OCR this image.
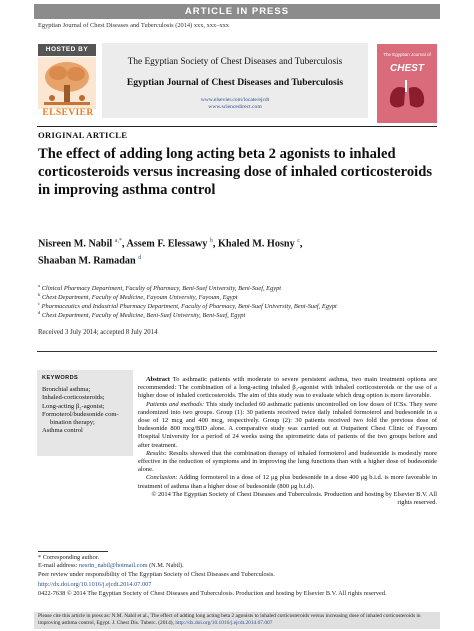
ARTICLE IN PRESS
Egyptian Journal of Chest Diseases and Tuberculosis (2014) xxx, xxx–xxx
HOSTED BY
ELSEVIER
The Egyptian Society of Chest Diseases and Tuberculosis
Egyptian Journal of Chest Diseases and Tuberculosis
www.elsevier.com/locate/ejcdt
www.sciencedirect.com
The Egyptian Journal of
CHEST
ORIGINAL ARTICLE
The effect of adding long acting beta 2 agonists to inhaled corticosteroids versus increasing dose of inhaled corticosteroids in improving asthma control
Nisreen M. Nabil $^{a,*}$, Assem F. Elessawy $^b$, Khaled M. Hosny $^c$,
Shaaban M. Ramadan $^d$
$^a$ Clinical Pharmacy Department, Faculty of Pharmacy, Beni-Suef University, Beni-Suef, Egypt
$^b$ Chest Department, Faculty of Medicine, Fayoum University, Fayoum, Egypt
$^c$ Pharmaceutics and Industrial Pharmacy Department, Faculty of Pharmacy, Beni-Suef University, Beni-Suef, Egypt
$^d$ Chest Department, Faculty of Medicine, Beni-Suef University, Beni-Suef, Egypt
Received 3 July 2014; accepted 8 July 2014
KEYWORDS
Bronchial asthma;
Inhaled-corticosteroids;
Long-acting β₂-agonist;
Formoterol/budesonide com-
bination therapy;
Asthma control

Abstract To asthmatic patients with moderate to severe persistent asthma, two main treatment options are recommended: The combination of a long-acting inhaled β₂-agonist with inhaled corticosteroids or the use of a higher dose of inhaled corticosteroids. The aim of this study was to evaluate which drug option is more favorable.

Patients and methods: This study included 60 asthmatic patients uncontrolled on low doses of ICSs. They were randomized into two groups. Group (1): 30 patients received twice daily inhaled formoterol and budesonide in a dose of 12 mcg and 400 mcg, respectively. Group (2): 30 patients received two fold the previous dose of budesonide 800 mcg/BID alone. A comparative study was carried out at Outpatient Chest Clinic of Fayoum Hospital University for a period of 24 weeks using the spirometric data of patients of the two groups before and after treatment.

Results: Results showed that the combination therapy of inhaled formoterol and budesonide is modestly more effective in the reduction of symptoms and in improving the lung functions than with a higher dose of budesonide alone.

Conclusion: Adding formoterol in a dose of 12 μg plus budesonide in a dose 400 μg b.i.d. is more favorable in treatment of asthma than a higher dose of budesonide (800 μg b.i.d).

© 2014 The Egyptian Society of Chest Diseases and Tuberculosis. Production and hosting by Elsevier B.V. All rights reserved.

* Corresponding author.
E-mail address: nesrin_nabil@hotmail.com (N.M. Nabil).
Peer review under responsibility of The Egyptian Society of Chest Diseases and Tuberculosis.
http://dx.doi.org/10.1016/j.ejcdt.2014.07.007
0422-7638 © 2014 The Egyptian Society of Chest Diseases and Tuberculosis. Production and hosting by Elsevier B.V. All rights reserved.
Please cite this article in press as: N.M. Nabil et al., The effect of adding long acting beta 2 agonists to inhaled corticosteroids versus increasing dose of inhaled corticosteroids in improving asthma control, Egypt. J. Chest Dis. Tuberc. (2014), http://dx.doi.org/10.1016/j.ejcdt.2014.07.007
